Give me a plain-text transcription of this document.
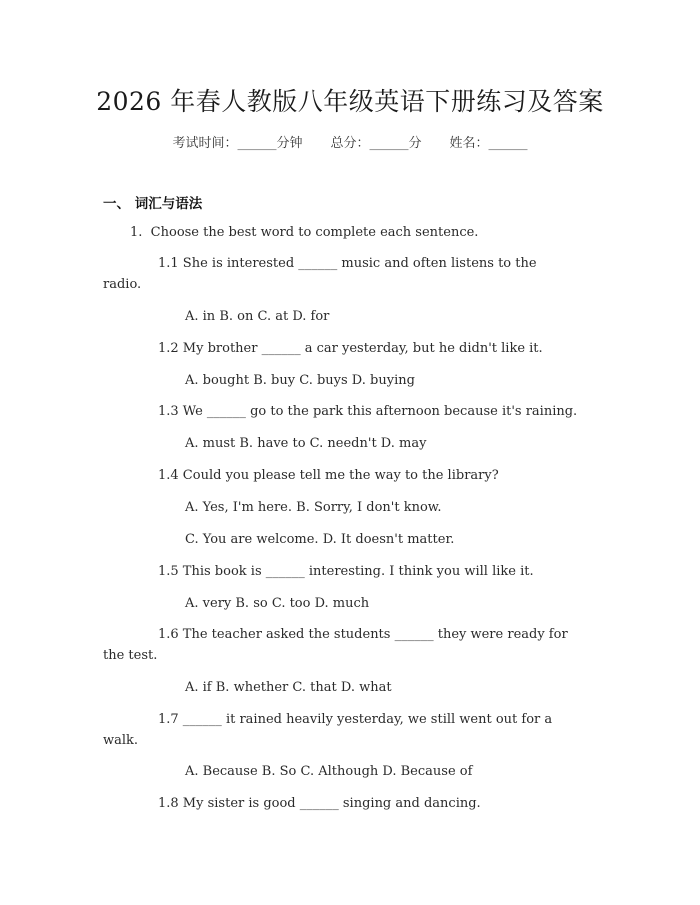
2026 年春人教版八年级英语下册练习及答案
考试时间：______分钟 总分：______分 姓名：______
一、 词汇与语法
1.  Choose the best word to complete each sentence.
1.1 She is interested ______ music and often listens to the
radio.
A. in B. on C. at D. for
1.2 My brother ______ a car yesterday, but he didn't like it.
A. bought B. buy C. buys D. buying
1.3 We ______ go to the park this afternoon because it's raining.
A. must B. have to C. needn't D. may
1.4 Could you please tell me the way to the library?
A. Yes, I'm here. B. Sorry, I don't know.
C. You are welcome. D. It doesn't matter.
1.5 This book is ______ interesting. I think you will like it.
A. very B. so C. too D. much
1.6 The teacher asked the students ______ they were ready for
the test.
A. if B. whether C. that D. what
1.7 ______ it rained heavily yesterday, we still went out for a
walk.
A. Because B. So C. Although D. Because of
1.8 My sister is good ______ singing and dancing.
